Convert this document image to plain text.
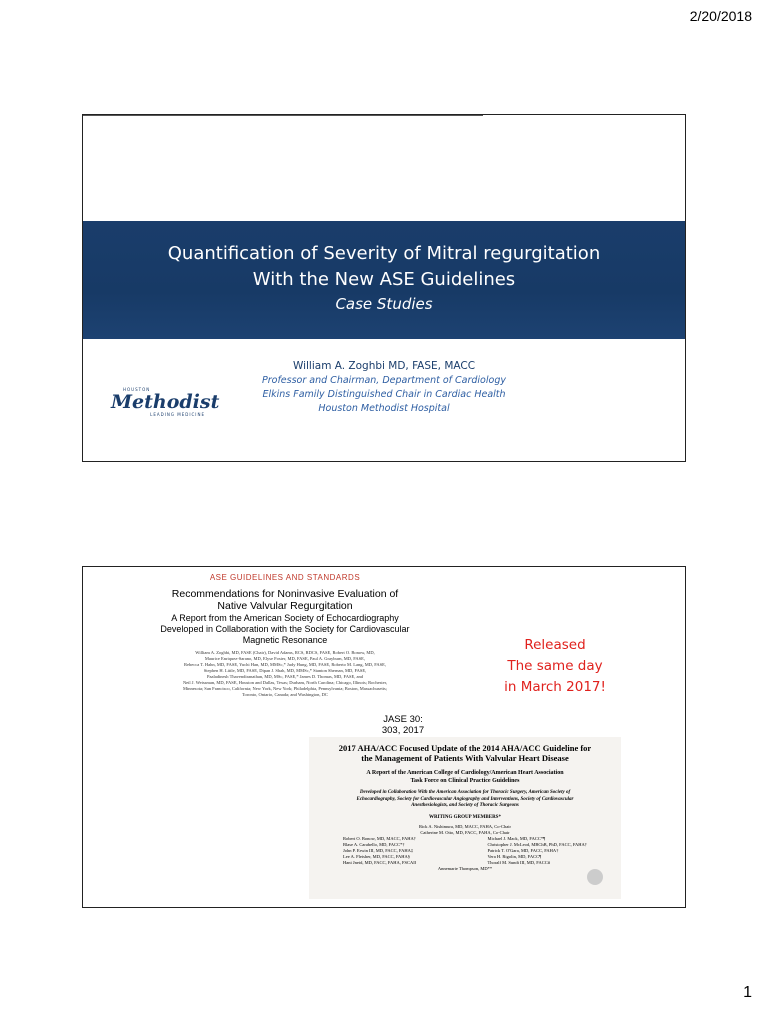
2/20/2018
Quantification of Severity of Mitral regurgitation
With the New ASE Guidelines
Case Studies
William A. Zoghbi MD, FASE, MACC
Professor and Chairman, Department of Cardiology
Elkins Family Distinguished Chair in Cardiac Health
Houston Methodist Hospital
HOUSTON
Methodist
LEADING MEDICINE
ASE GUIDELINES AND STANDARDS
Recommendations for Noninvasive Evaluation of
Native Valvular Regurgitation
A Report from the American Society of Echocardiography
Developed in Collaboration with the Society for Cardiovascular
Magnetic Resonance
William A. Zoghbi, MD, FASE (Chair), David Adams, RCS, RDCS, FASE, Robert O. Bonow, MD,
Maurice Enriquez-Sarano, MD, Elyse Foster, MD, FASE, Paul A. Grayburn, MD, FASE,
Rebecca T. Hahn, MD, FASE, Yuchi Han, MD, MMSc,* Judy Hung, MD, FASE, Roberto M. Lang, MD, FASE,
Stephen H. Little, MD, FASE, Dipan J. Shah, MD, MMSc,* Stanton Shernan, MD, FASE,
Paaladinesh Thavendiranathan, MD, MSc, FASE,* James D. Thomas, MD, FASE, and
Neil J. Weissman, MD, FASE, Houston and Dallas, Texas; Durham, North Carolina; Chicago, Illinois; Rochester,
Minnesota; San Francisco, California; New York, New York; Philadelphia, Pennsylvania; Boston, Massachusetts;
Toronto, Ontario, Canada; and Washington, DC
JASE 30: 303, 2017
Released
The same day
in March 2017!
2017 AHA/ACC Focused Update of the 2014 AHA/ACC Guideline for
the Management of Patients With Valvular Heart Disease
A Report of the American College of Cardiology/American Heart Association
Task Force on Clinical Practice Guidelines
Developed in Collaboration With the American Association for Thoracic Surgery, American Society of
Echocardiography, Society for Cardiovascular Angiography and Interventions, Society of Cardiovascular
Anesthesiologists, and Society of Thoracic Surgeons
WRITING GROUP MEMBERS*
Rick A. Nishimura, MD, MACC, FAHA, Co-Chair
Catherine M. Otto, MD, FACC, FAHA, Co-Chair
Robert O. Bonow, MD, MACC, FAHA†
Blase A. Carabello, MD, FACC*†
John P. Erwin III, MD, FACC, FAHA‡
Lee A. Fleisher, MD, FACC, FAHA§
Hani Jneid, MD, FACC, FAHA, FSCAI‖
Michael J. Mack, MD, FACC*¶
Christopher J. McLeod, MBChB, PhD, FACC, FAHA†
Patrick T. O'Gara, MD, FACC, FAHA†
Vera H. Rigolin, MD, FACC¶
Thoralf M. Sundt III, MD, FACC#
Annemarie Thompson, MD**
1
